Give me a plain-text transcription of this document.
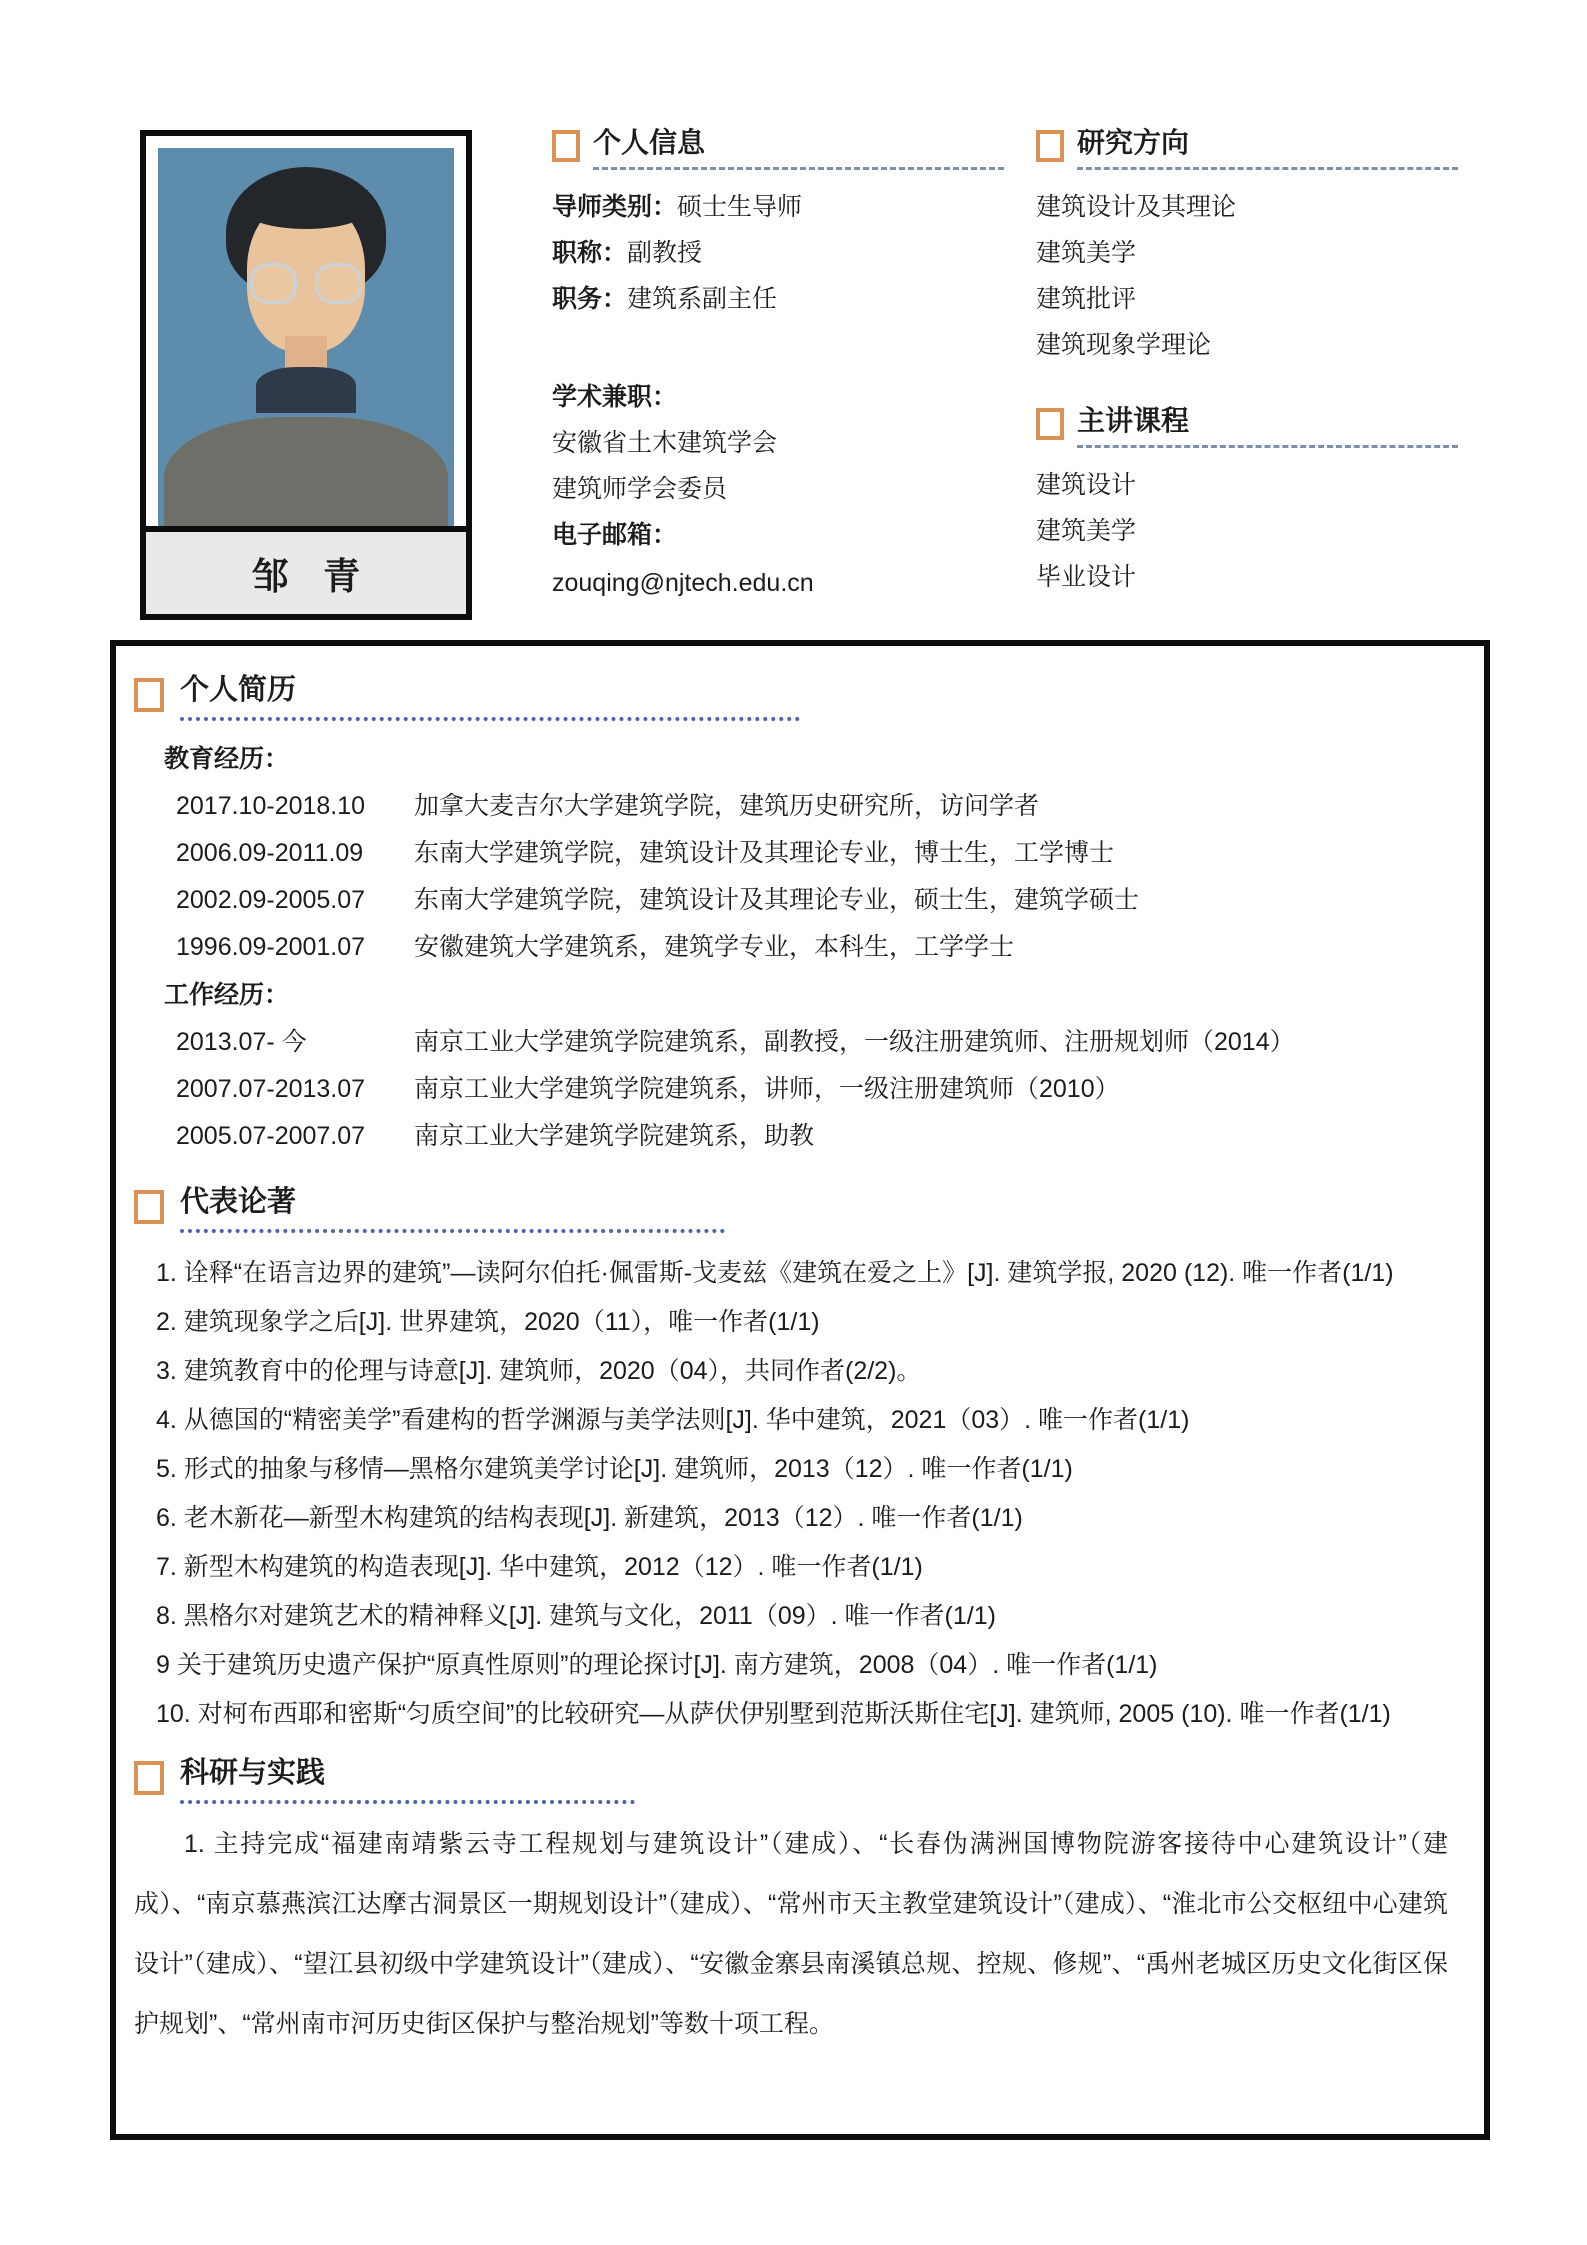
邹 青
个人信息
导师类别：硕士生导师
职称：副教授
职务：建筑系副主任
学术兼职：
安徽省土木建筑学会
建筑师学会委员
电子邮箱：
zouqing@njtech.edu.cn
研究方向
建筑设计及其理论
建筑美学
建筑批评
建筑现象学理论
主讲课程
建筑设计
建筑美学
毕业设计
个人简历
教育经历：
2017.10-2018.10	加拿大麦吉尔大学建筑学院，建筑历史研究所，访问学者
2006.09-2011.09	东南大学建筑学院，建筑设计及其理论专业，博士生，工学博士
2002.09-2005.07	东南大学建筑学院，建筑设计及其理论专业，硕士生，建筑学硕士
1996.09-2001.07	安徽建筑大学建筑系，建筑学专业，本科生，工学学士
工作经历：
2013.07- 今	南京工业大学建筑学院建筑系，副教授，一级注册建筑师、注册规划师（2014）
2007.07-2013.07	南京工业大学建筑学院建筑系，讲师，一级注册建筑师（2010）
2005.07-2007.07	南京工业大学建筑学院建筑系，助教
代表论著
1. 诠释“在语言边界的建筑”—读阿尔伯托·佩雷斯-戈麦兹《建筑在爱之上》[J]. 建筑学报, 2020 (12). 唯一作者(1/1)
2. 建筑现象学之后[J]. 世界建筑，2020（11），唯一作者(1/1)
3. 建筑教育中的伦理与诗意[J]. 建筑师，2020（04），共同作者(2/2)。
4. 从德国的“精密美学”看建构的哲学渊源与美学法则[J]. 华中建筑，2021（03）. 唯一作者(1/1)
5. 形式的抽象与移情—黑格尔建筑美学讨论[J]. 建筑师，2013（12）. 唯一作者(1/1)
6. 老木新花—新型木构建筑的结构表现[J]. 新建筑，2013（12）. 唯一作者(1/1)
7. 新型木构建筑的构造表现[J]. 华中建筑，2012（12）. 唯一作者(1/1)
8. 黑格尔对建筑艺术的精神释义[J]. 建筑与文化，2011（09）. 唯一作者(1/1)
9 关于建筑历史遗产保护“原真性原则”的理论探讨[J]. 南方建筑，2008（04）. 唯一作者(1/1)
10. 对柯布西耶和密斯“匀质空间”的比较研究—从萨伏伊别墅到范斯沃斯住宅[J]. 建筑师, 2005 (10). 唯一作者(1/1)
科研与实践
1. 主持完成“福建南靖紫云寺工程规划与建筑设计”（建成）、“长春伪满洲国博物院游客接待中心建筑设计”（建成）、“南京慕燕滨江达摩古洞景区一期规划设计”（建成）、“常州市天主教堂建筑设计”（建成）、“淮北市公交枢纽中心建筑设计”（建成）、“望江县初级中学建筑设计”（建成）、“安徽金寨县南溪镇总规、控规、修规”、“禹州老城区历史文化街区保护规划”、“常州南市河历史街区保护与整治规划”等数十项工程。
